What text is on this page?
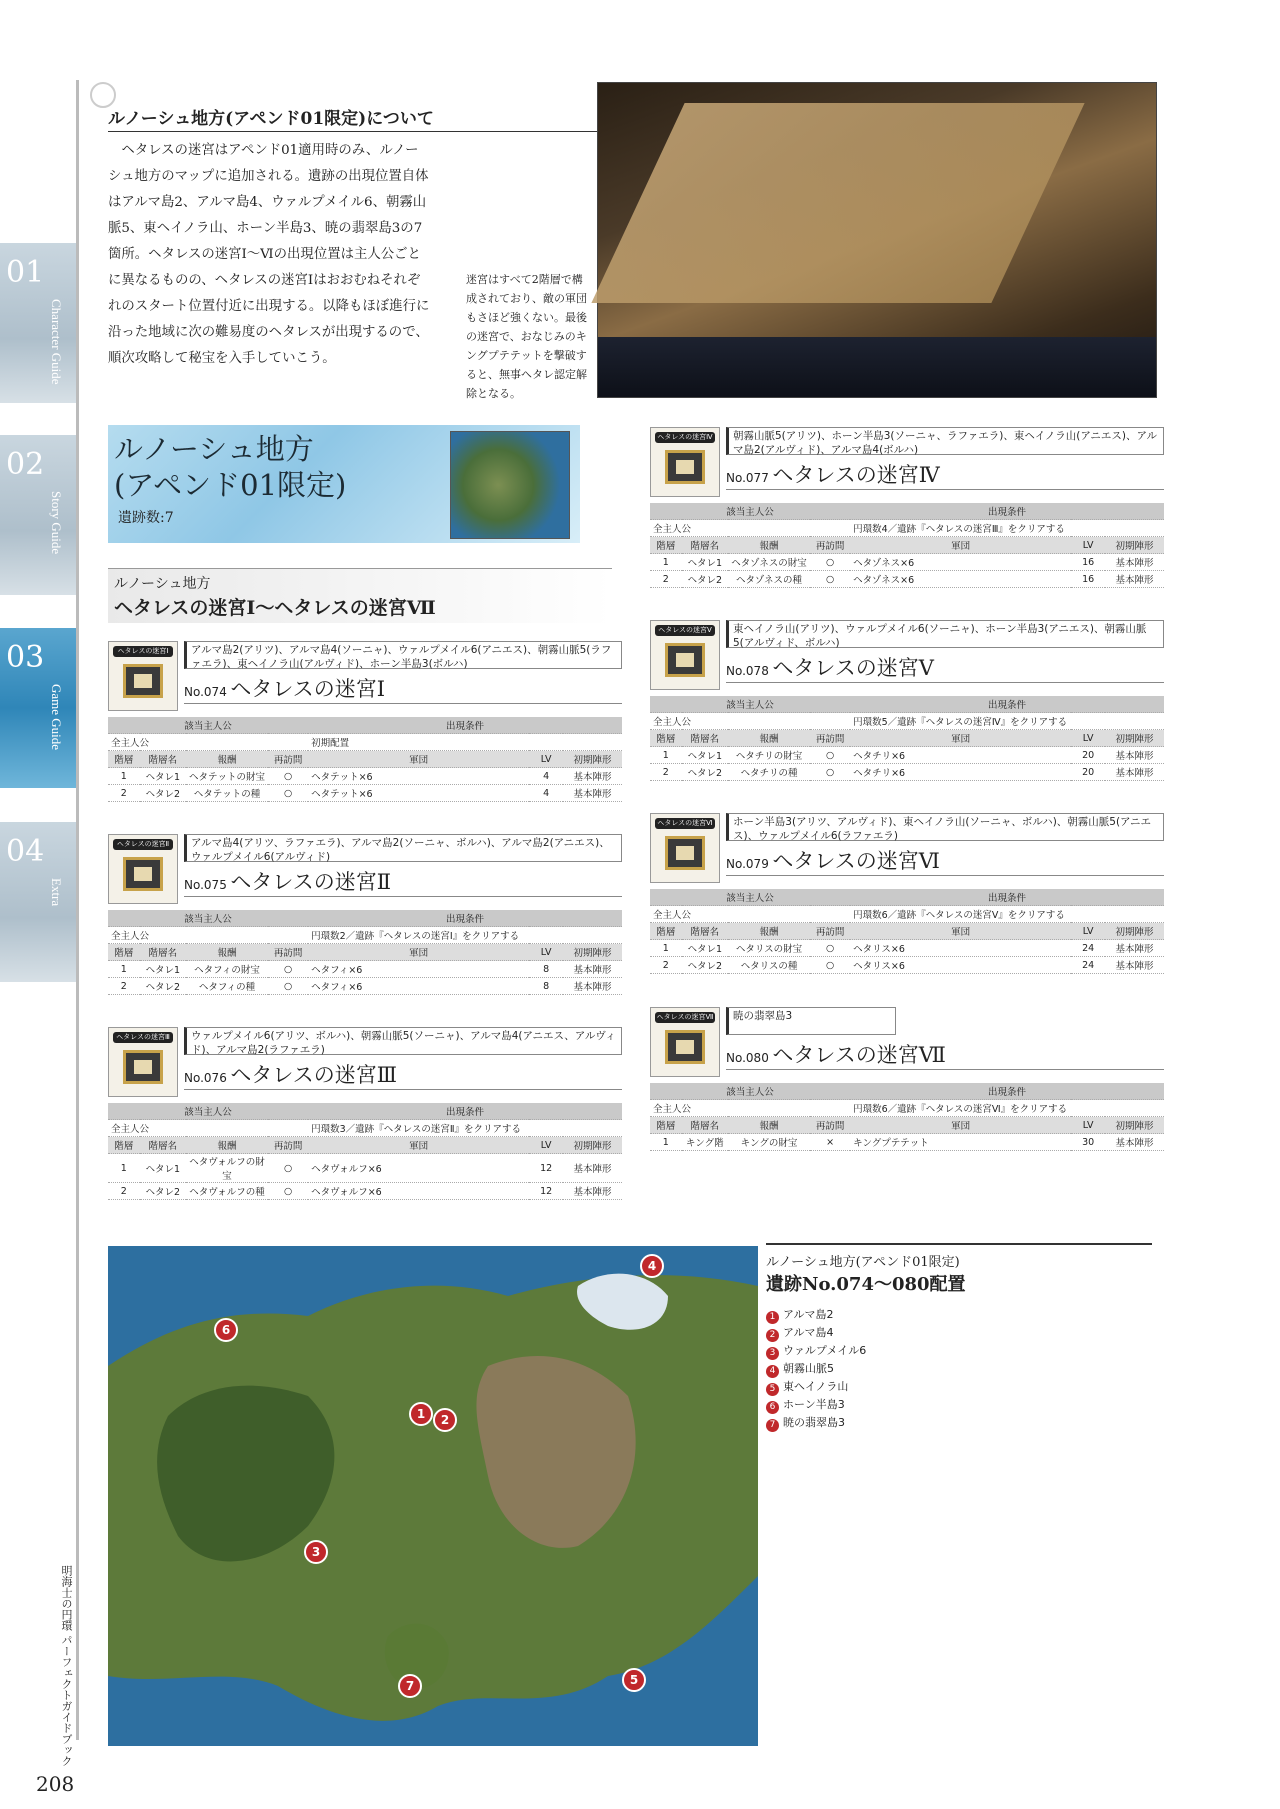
01
Character Guide
02
Story Guide
03
Game Guide
04
Extra
ルノーシュ地方(アペンド01限定)について
　ヘタレスの迷宮はアペンド01適用時のみ、ルノーシュ地方のマップに追加される。遺跡の出現位置自体はアルマ島2、アルマ島4、ウァルプメイル6、朝霧山脈5、東ヘイノラ山、ホーン半島3、暁の翡翠島3の7箇所。ヘタレスの迷宮Ⅰ～Ⅵの出現位置は主人公ごとに異なるものの、ヘタレスの迷宮Ⅰはおおむねそれぞれのスタート位置付近に出現する。以降もほぼ進行に沿った地域に次の難易度のヘタレスが出現するので、順次攻略して秘宝を入手していこう。
迷宮はすべて2階層で構成されており、敵の軍団もさほど強くない。最後の迷宮で、おなじみのキングプテテットを撃破すると、無事ヘタレ認定解除となる。
ルノーシュ地方
(アペンド01限定)
遺跡数:7
ルノーシュ地方
ヘタレスの迷宮Ⅰ～ヘタレスの迷宮Ⅶ
ヘタレスの迷宮Ⅰ	アルマ島2(アリツ)、アルマ島4(ソーニャ)、ウァルプメイル6(アニエス)、朝霧山脈5(ラファエラ)、東ヘイノラ山(アルヴィド)、ホーン半島3(ボルハ)
No.074 ヘタレスの迷宮Ⅰ
ヘタレスの迷宮Ⅱ	アルマ島4(アリツ、ラファエラ)、アルマ島2(ソーニャ、ボルハ)、アルマ島2(アニエス)、ウァルプメイル6(アルヴィド)
No.075 ヘタレスの迷宮Ⅱ
ヘタレスの迷宮Ⅲ	ウァルプメイル6(アリツ、ボルハ)、朝霧山脈5(ソーニャ)、アルマ島4(アニエス、アルヴィド)、アルマ島2(ラファエラ)
No.076 ヘタレスの迷宮Ⅲ
ヘタレスの迷宮Ⅳ	朝霧山脈5(アリツ)、ホーン半島3(ソーニャ、ラファエラ)、東ヘイノラ山(アニエス)、アルマ島2(アルヴィド)、アルマ島4(ボルハ)
No.077 ヘタレスの迷宮Ⅳ
ヘタレスの迷宮Ⅴ	東ヘイノラ山(アリツ)、ウァルプメイル6(ソーニャ)、ホーン半島3(アニエス)、朝霧山脈5(アルヴィド、ボルハ)
No.078 ヘタレスの迷宮Ⅴ
ヘタレスの迷宮Ⅵ	ホーン半島3(アリツ、アルヴィド)、東ヘイノラ山(ソーニャ、ボルハ)、朝霧山脈5(アニエス)、ウァルプメイル6(ラファエラ)
No.079 ヘタレスの迷宮Ⅵ
ヘタレスの迷宮Ⅶ	暁の翡翠島3
No.080 ヘタレスの迷宮Ⅶ
該当主人公				出現条件		
全主人公				初期配置		
階層	階層名	報酬	再訪問	軍団	LV	初期陣形
1	ヘタレ1	ヘタテットの財宝	○	ヘタテット×6	4	基本陣形
2	ヘタレ2	ヘタテットの種	○	ヘタテット×6	4	基本陣形
該当主人公				出現条件		
全主人公				円環数2／遺跡『ヘタレスの迷宮Ⅰ』をクリアする		
階層	階層名	報酬	再訪問	軍団	LV	初期陣形
1	ヘタレ1	ヘタフィの財宝	○	ヘタフィ×6	8	基本陣形
2	ヘタレ2	ヘタフィの種	○	ヘタフィ×6	8	基本陣形
該当主人公				出現条件		
全主人公				円環数3／遺跡『ヘタレスの迷宮Ⅱ』をクリアする		
階層	階層名	報酬	再訪問	軍団	LV	初期陣形
1	ヘタレ1	ヘタヴォルフの財宝	○	ヘタヴォルフ×6	12	基本陣形
2	ヘタレ2	ヘタヴォルフの種	○	ヘタヴォルフ×6	12	基本陣形
該当主人公				出現条件		
全主人公				円環数4／遺跡『ヘタレスの迷宮Ⅲ』をクリアする		
階層	階層名	報酬	再訪問	軍団	LV	初期陣形
1	ヘタレ1	ヘタゾネスの財宝	○	ヘタゾネス×6	16	基本陣形
2	ヘタレ2	ヘタゾネスの種	○	ヘタゾネス×6	16	基本陣形
該当主人公				出現条件		
全主人公				円環数5／遺跡『ヘタレスの迷宮Ⅳ』をクリアする		
階層	階層名	報酬	再訪問	軍団	LV	初期陣形
1	ヘタレ1	ヘタチリの財宝	○	ヘタチリ×6	20	基本陣形
2	ヘタレ2	ヘタチリの種	○	ヘタチリ×6	20	基本陣形
該当主人公				出現条件		
全主人公				円環数6／遺跡『ヘタレスの迷宮Ⅴ』をクリアする		
階層	階層名	報酬	再訪問	軍団	LV	初期陣形
1	ヘタレ1	ヘタリスの財宝	○	ヘタリス×6	24	基本陣形
2	ヘタレ2	ヘタリスの種	○	ヘタリス×6	24	基本陣形
該当主人公				出現条件		
全主人公				円環数6／遺跡『ヘタレスの迷宮Ⅵ』をクリアする		
階層	階層名	報酬	再訪問	軍団	LV	初期陣形
1	キング階	キングの財宝	×	キングプテテット	30	基本陣形
1	2
3
4
5
6
7
ルノーシュ地方(アペンド01限定)
遺跡No.074～080配置
1 アルマ島2
2 アルマ島4
3 ウァルプメイル6
4 朝霧山脈5
5 東ヘイノラ山
6 ホーン半島3
7 暁の翡翠島3
明海士の円環 パーフェクトガイドブック
208
